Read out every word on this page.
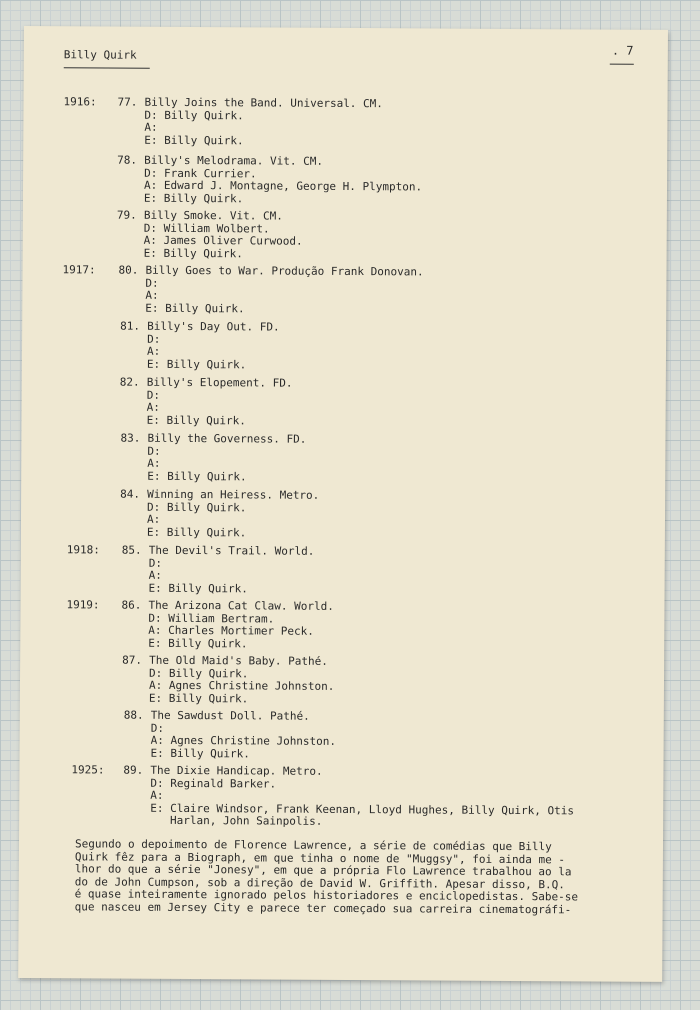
Billy Quirk	. 7
1916: 77. Billy Joins the Band. Universal. CM.
D: Billy Quirk.
A:
E: Billy Quirk.
78. Billy's Melodrama. Vit. CM.
D: Frank Currier.
A: Edward J. Montagne, George H. Plympton.
E: Billy Quirk.
79. Billy Smoke. Vit. CM.
D: William Wolbert.
A: James Oliver Curwood.
E: Billy Quirk.
1917: 80. Billy Goes to War. Produção Frank Donovan.
D:
A:
E: Billy Quirk.
81. Billy's Day Out. FD.
D:
A:
E: Billy Quirk.
82. Billy's Elopement. FD.
D:
A:
E: Billy Quirk.
83. Billy the Governess. FD.
D:
A:
E: Billy Quirk.
84. Winning an Heiress. Metro.
D: Billy Quirk.
A:
E: Billy Quirk.
1918: 85. The Devil's Trail. World.
D:
A:
E: Billy Quirk.
1919: 86. The Arizona Cat Claw. World.
D: William Bertram.
A: Charles Mortimer Peck.
E: Billy Quirk.
87. The Old Maid's Baby. Pathé.
D: Billy Quirk.
A: Agnes Christine Johnston.
E: Billy Quirk.
88. The Sawdust Doll. Pathé.
D:
A: Agnes Christine Johnston.
E: Billy Quirk.
1925: 89. The Dixie Handicap. Metro.
D: Reginald Barker.
A:
E: Claire Windsor, Frank Keenan, Lloyd Hughes, Billy Quirk, Otis
Harlan, John Sainpolis.
Segundo o depoimento de Florence Lawrence, a série de comédias que Billy
Quirk fêz para a Biograph, em que tinha o nome de "Muggsy", foi ainda me -
lhor do que a série "Jonesy", em que a própria Flo Lawrence trabalhou ao la
do de John Cumpson, sob a direção de David W. Griffith. Apesar disso, B.Q.
é quase inteiramente ignorado pelos historiadores e enciclopedistas. Sabe-se
que nasceu em Jersey City e parece ter começado sua carreira cinematográfi-
